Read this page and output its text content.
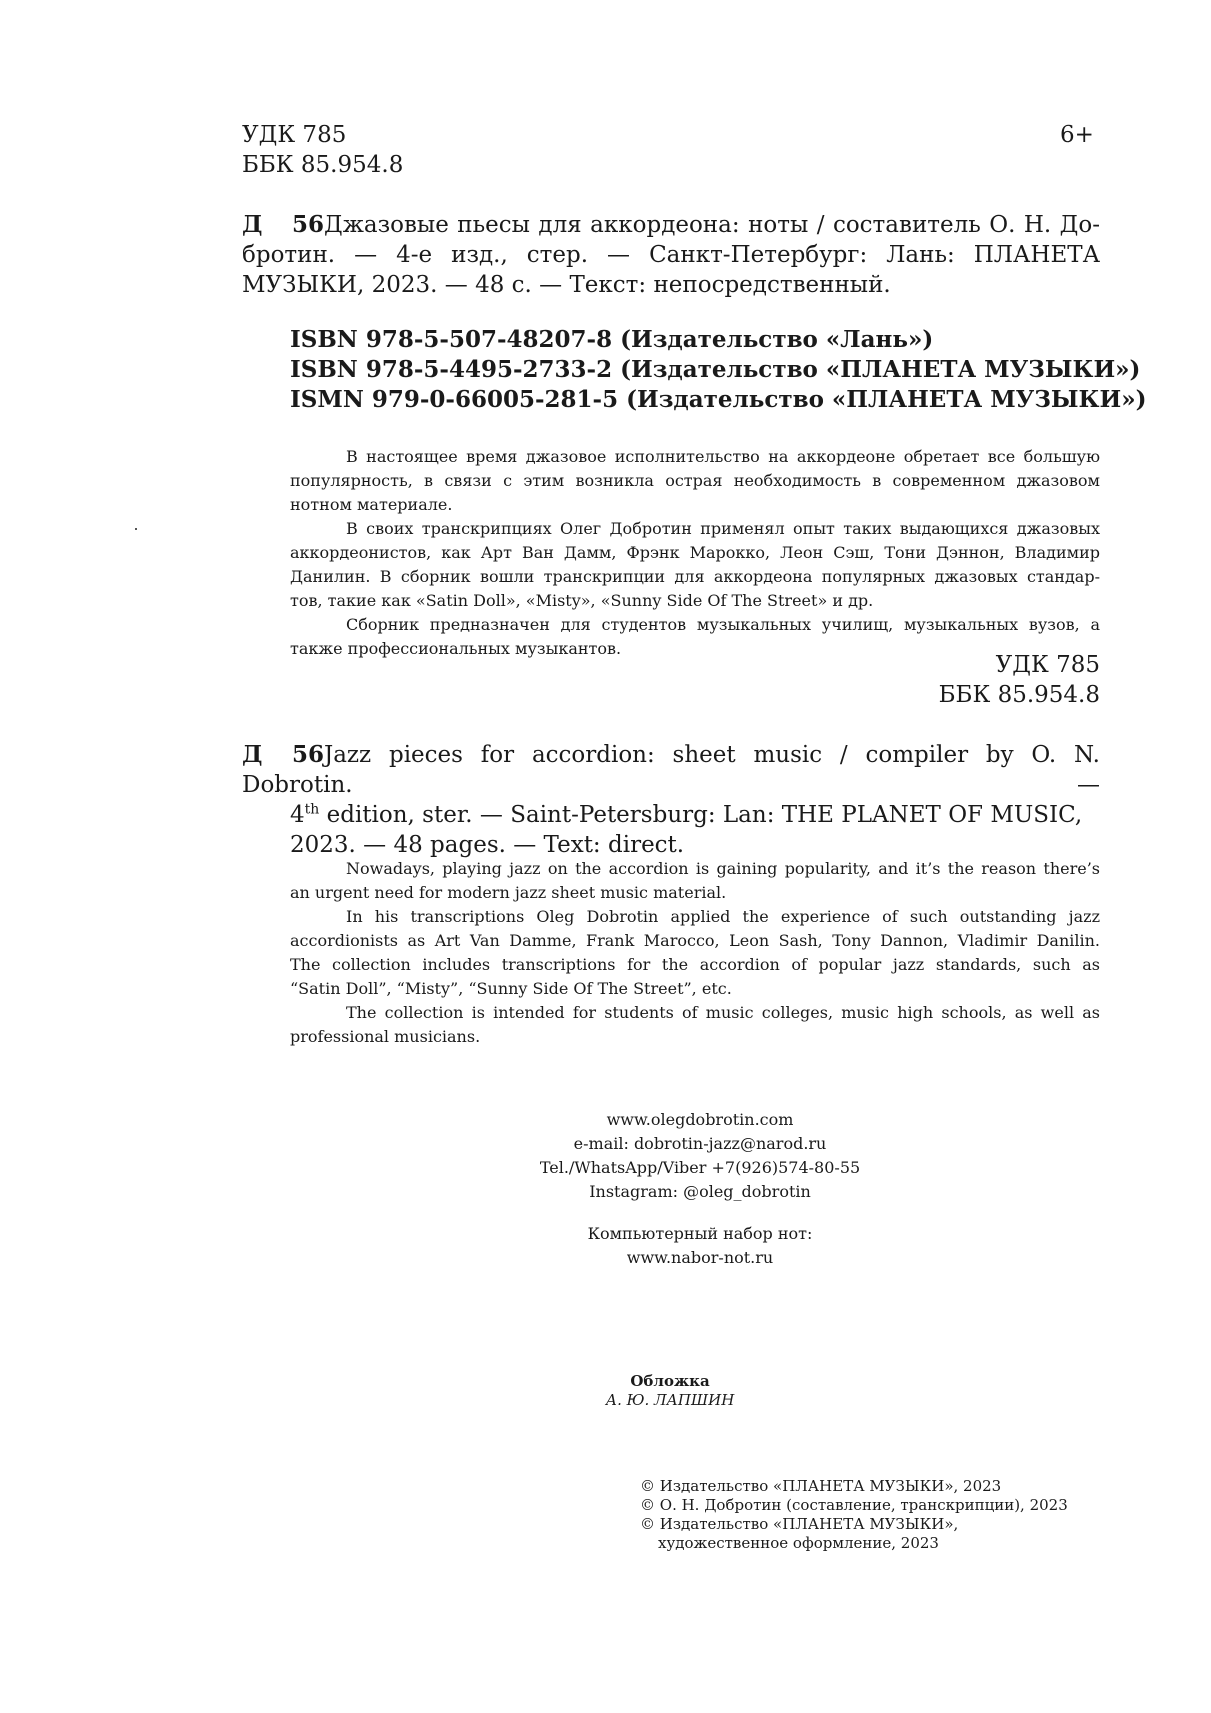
УДК 785
ББК 85.954.8
6+
Д 56Джазовые пьесы для аккордеона: ноты / составитель О. Н. До-
бротин. — 4-е изд., стер. — Санкт-Петербург: Лань: ПЛАНЕТА
МУЗЫКИ, 2023. — 48 с. — Текст: непосредственный.
ISBN 978-5-507-48207-8 (Издательство «Лань»)
ISBN 978-5-4495-2733-2 (Издательство «ПЛАНЕТА МУЗЫКИ»)
ISMN 979-0-66005-281-5 (Издательство «ПЛАНЕТА МУЗЫКИ»)
В настоящее время джазовое исполнительство на аккордеоне обретает все большую
популярность, в связи с этим возникла острая необходимость в современном джазовом
нотном материале.
В своих транскрипциях Олег Добротин применял опыт таких выдающихся джазовых
аккордеонистов, как Арт Ван Дамм, Фрэнк Марокко, Леон Сэш, Тони Дэннон, Владимир
Данилин. В сборник вошли транскрипции для аккордеона популярных джазовых стандар-
тов, такие как «Satin Doll», «Misty», «Sunny Side Of The Street» и др.
Сборник предназначен для студентов музыкальных училищ, музыкальных вузов, а
также профессиональных музыкантов.
УДК 785
ББК 85.954.8
Д 56Jazz pieces for accordion: sheet music / compiler by O. N. Dobrotin. —
4th edition, ster. — Saint-Petersburg: Lan: THE PLANET OF MUSIC,
2023. — 48 pages. — Text: direct.
Nowadays, playing jazz on the accordion is gaining popularity, and it’s the reason there’s
an urgent need for modern jazz sheet music material.
In his transcriptions Oleg Dobrotin applied the experience of such outstanding jazz
accordionists as Art Van Damme, Frank Marocco, Leon Sash, Tony Dannon, Vladimir Danilin.
The collection includes transcriptions for the accordion of popular jazz standards, such as
“Satin Doll”, “Misty”, “Sunny Side Of The Street”, etc.
The collection is intended for students of music colleges, music high schools, as well as
professional musicians.
www.olegdobrotin.com
e-mail: dobrotin-jazz@narod.ru
Tel./WhatsApp/Viber +7(926)574-80-55
Instagram: @oleg_dobrotin
Компьютерный набор нот:
www.nabor-not.ru
Обложка
А. Ю. ЛАПШИН
© Издательство «ПЛАНЕТА МУЗЫКИ», 2023
© О. Н. Добротин (составление, транскрипции), 2023
© Издательство «ПЛАНЕТА МУЗЫКИ»,
художественное оформление, 2023
